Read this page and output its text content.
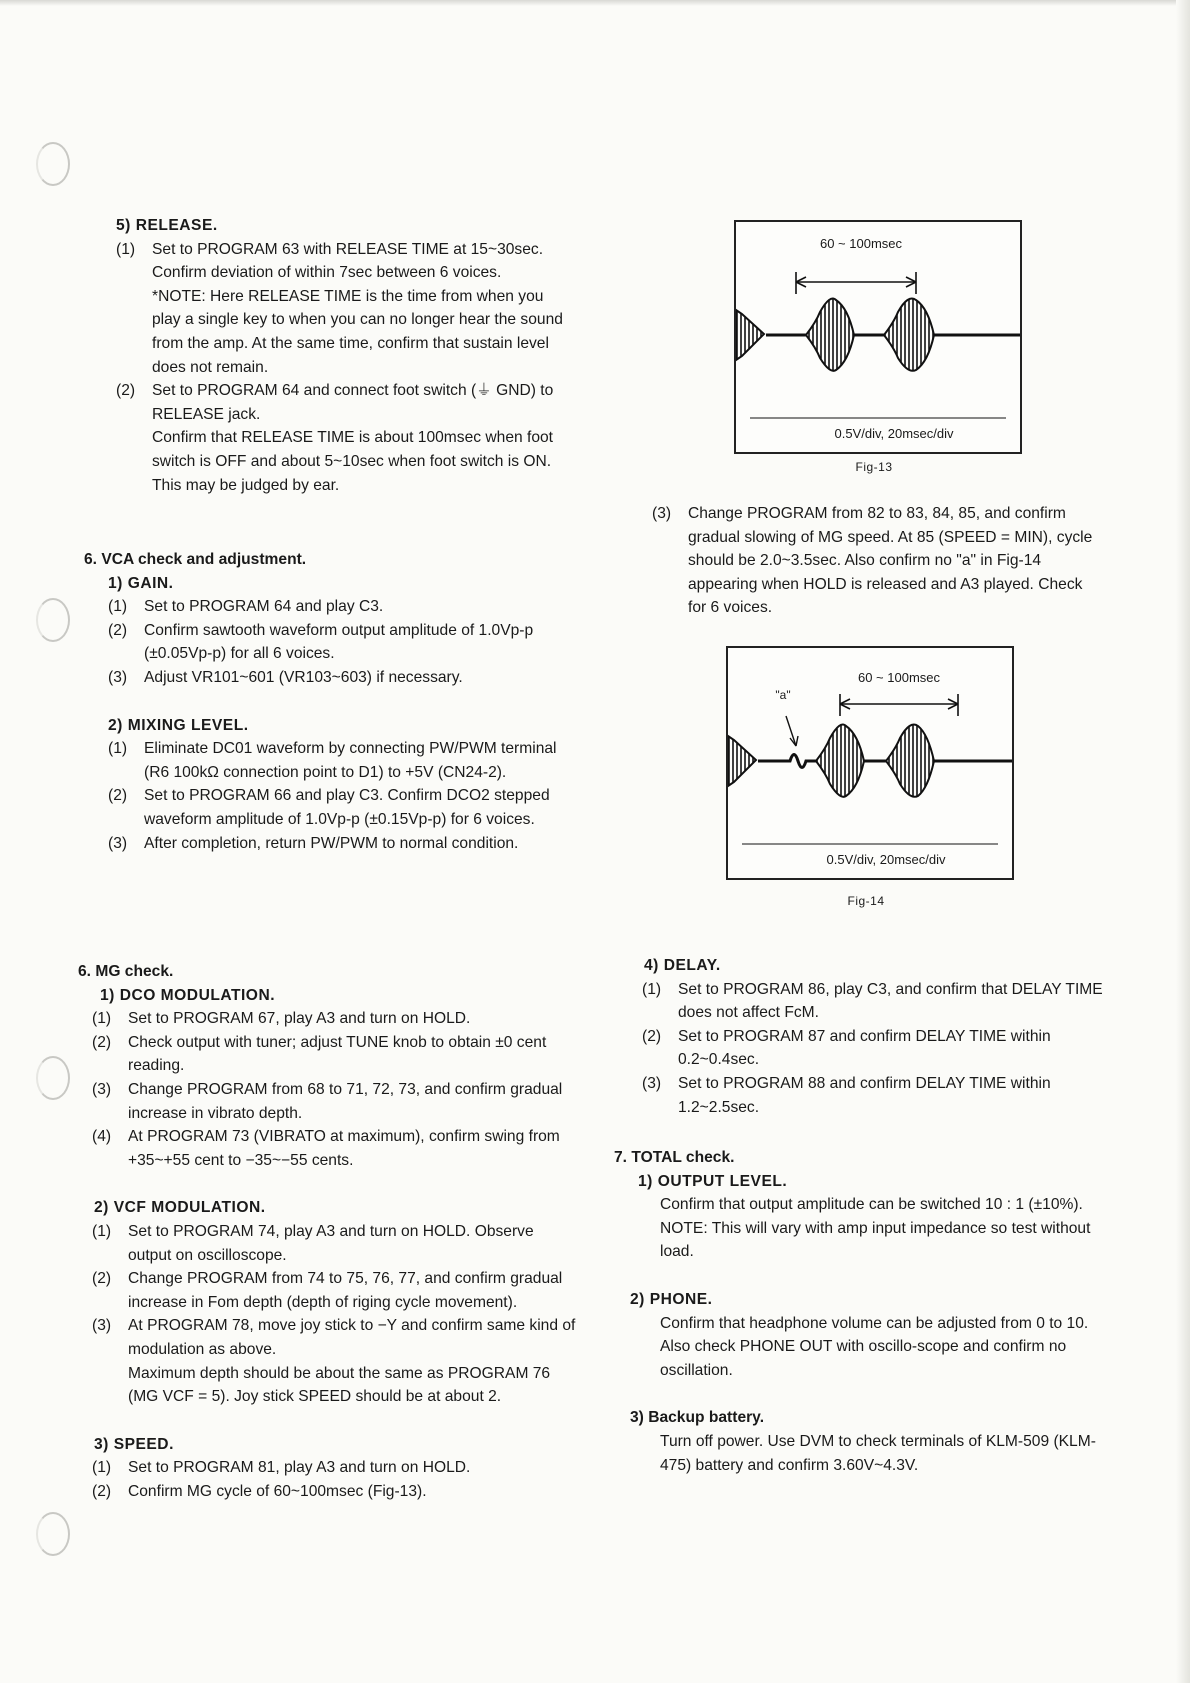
5) RELEASE.

(1)	Set to PROGRAM 63 with RELEASE TIME at 15~30sec. Confirm deviation of within 7sec between 6 voices.

*NOTE: Here RELEASE TIME is the time from when you play a single key to when you can no longer hear the sound from the amp. At the same time, confirm that sustain level does not remain.

(2)	Set to PROGRAM 64 and connect foot switch (⏚ GND) to RELEASE jack.

Confirm that RELEASE TIME is about 100msec when foot switch is OFF and about 5~10sec when foot switch is ON. This may be judged by ear.

6. VCA check and adjustment.

1) GAIN.

(1)	Set to PROGRAM 64 and play C3.
(2)	Confirm sawtooth waveform output amplitude of 1.0Vp-p (±0.05Vp-p) for all 6 voices.
(3)	Adjust VR101~601 (VR103~603) if necessary.

2) MIXING LEVEL.

(1)	Eliminate DC01 waveform by connecting PW/PWM terminal (R6 100kΩ connection point to D1) to +5V (CN24-2).
(2)	Set to PROGRAM 66 and play C3. Confirm DCO2 stepped waveform amplitude of 1.0Vp-p (±0.15Vp-p) for 6 voices.
(3)	After completion, return PW/PWM to normal condition.

6. MG check.

1) DCO MODULATION.

(1)	Set to PROGRAM 67, play A3 and turn on HOLD.
(2)	Check output with tuner; adjust TUNE knob to obtain ±0 cent reading.
(3)	Change PROGRAM from 68 to 71, 72, 73, and confirm gradual increase in vibrato depth.
(4)	At PROGRAM 73 (VIBRATO at maximum), confirm swing from +35~+55 cent to −35~−55 cents.

2) VCF MODULATION.

(1)	Set to PROGRAM 74, play A3 and turn on HOLD. Observe output on oscilloscope.

(2)	Change PROGRAM from 74 to 75, 76, 77, and confirm gradual increase in Fom depth (depth of riging cycle movement).

(3)	At PROGRAM 78, move joy stick to −Y and confirm same kind of modulation as above.

Maximum depth should be about the same as PROGRAM 76 (MG VCF = 5). Joy stick SPEED should be at about 2.

3) SPEED.

(1)	Set to PROGRAM 81, play A3 and turn on HOLD.
(2)	Confirm MG cycle of 60~100msec (Fig-13).
60 ~ 100msec
0.5V/div, 20msec/div
Fig-13
(3)	Change PROGRAM from 82 to 83, 84, 85, and confirm gradual slowing of MG speed. At 85 (SPEED = MIN), cycle should be 2.0~3.5sec. Also confirm no "a" in Fig-14 appearing when HOLD is released and A3 played. Check for 6 voices.
60 ~ 100msec
"a"
0.5V/div, 20msec/div
Fig-14

4) DELAY.

(1)	Set to PROGRAM 86, play C3, and confirm that DELAY TIME does not affect FcM.
(2)	Set to PROGRAM 87 and confirm DELAY TIME within 0.2~0.4sec.
(3)	Set to PROGRAM 88 and confirm DELAY TIME within 1.2~2.5sec.

7. TOTAL check.

1) OUTPUT LEVEL.

Confirm that output amplitude can be switched 10 : 1 (±10%).

NOTE: This will vary with amp input impedance so test without load.

2) PHONE.

Confirm that headphone volume can be adjusted from 0 to 10. Also check PHONE OUT with oscillo-scope and confirm no oscillation.

3) Backup battery.

Turn off power. Use DVM to check terminals of KLM-509 (KLM-475) battery and confirm 3.60V~4.3V.
